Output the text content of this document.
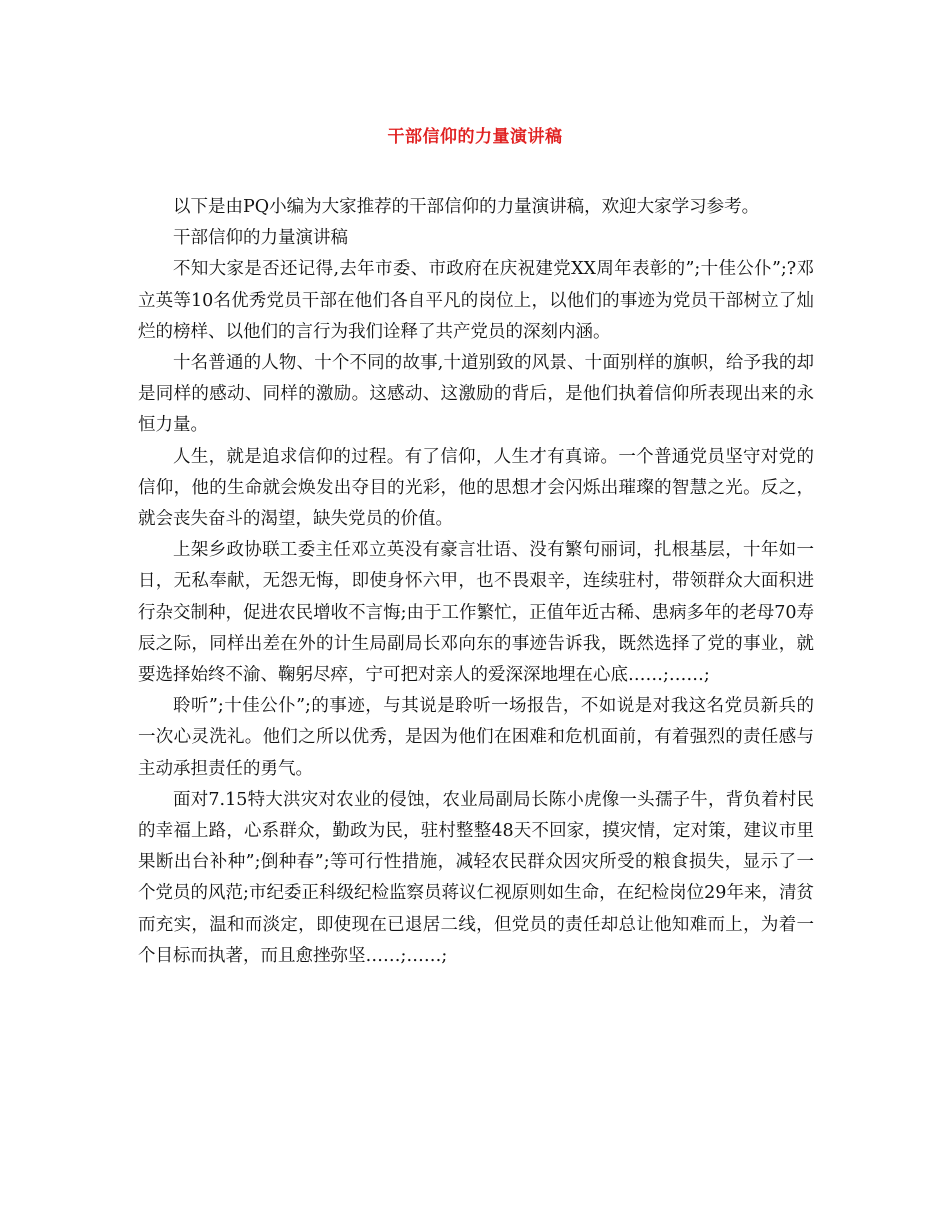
干部信仰的力量演讲稿

以下是由PQ小编为大家推荐的干部信仰的力量演讲稿，欢迎大家学习参考。

干部信仰的力量演讲稿

不知大家是否还记得,去年市委、市政府在庆祝建党XX周年表彰的”;十佳公仆”;?邓立英等10名优秀党员干部在他们各自平凡的岗位上，以他们的事迹为党员干部树立了灿烂的榜样、以他们的言行为我们诠释了共产党员的深刻内涵。

十名普通的人物、十个不同的故事,十道别致的风景、十面别样的旗帜，给予我的却是同样的感动、同样的激励。这感动、这激励的背后，是他们执着信仰所表现出来的永恒力量。

人生，就是追求信仰的过程。有了信仰，人生才有真谛。一个普通党员坚守对党的信仰，他的生命就会焕发出夺目的光彩，他的思想才会闪烁出璀璨的智慧之光。反之，就会丧失奋斗的渴望，缺失党员的价值。

上架乡政协联工委主任邓立英没有豪言壮语、没有繁句丽词，扎根基层，十年如一日，无私奉献，无怨无悔，即使身怀六甲，也不畏艰辛，连续驻村，带领群众大面积进行杂交制种，促进农民增收不言悔;由于工作繁忙，正值年近古稀、患病多年的老母70寿辰之际，同样出差在外的计生局副局长邓向东的事迹告诉我，既然选择了党的事业，就要选择始终不渝、鞠躬尽瘁，宁可把对亲人的爱深深地埋在心底……;……;

聆听”;十佳公仆”;的事迹，与其说是聆听一场报告，不如说是对我这名党员新兵的一次心灵洗礼。他们之所以优秀，是因为他们在困难和危机面前，有着强烈的责任感与主动承担责任的勇气。

面对7.15特大洪灾对农业的侵蚀，农业局副局长陈小虎像一头孺子牛，背负着村民的幸福上路，心系群众，勤政为民，驻村整整48天不回家，摸灾情，定对策，建议市里果断出台补种”;倒种春”;等可行性措施，减轻农民群众因灾所受的粮食损失，显示了一个党员的风范;市纪委正科级纪检监察员蒋议仁视原则如生命，在纪检岗位29年来，清贫而充实，温和而淡定，即使现在已退居二线，但党员的责任却总让他知难而上，为着一个目标而执著，而且愈挫弥坚……;……;
